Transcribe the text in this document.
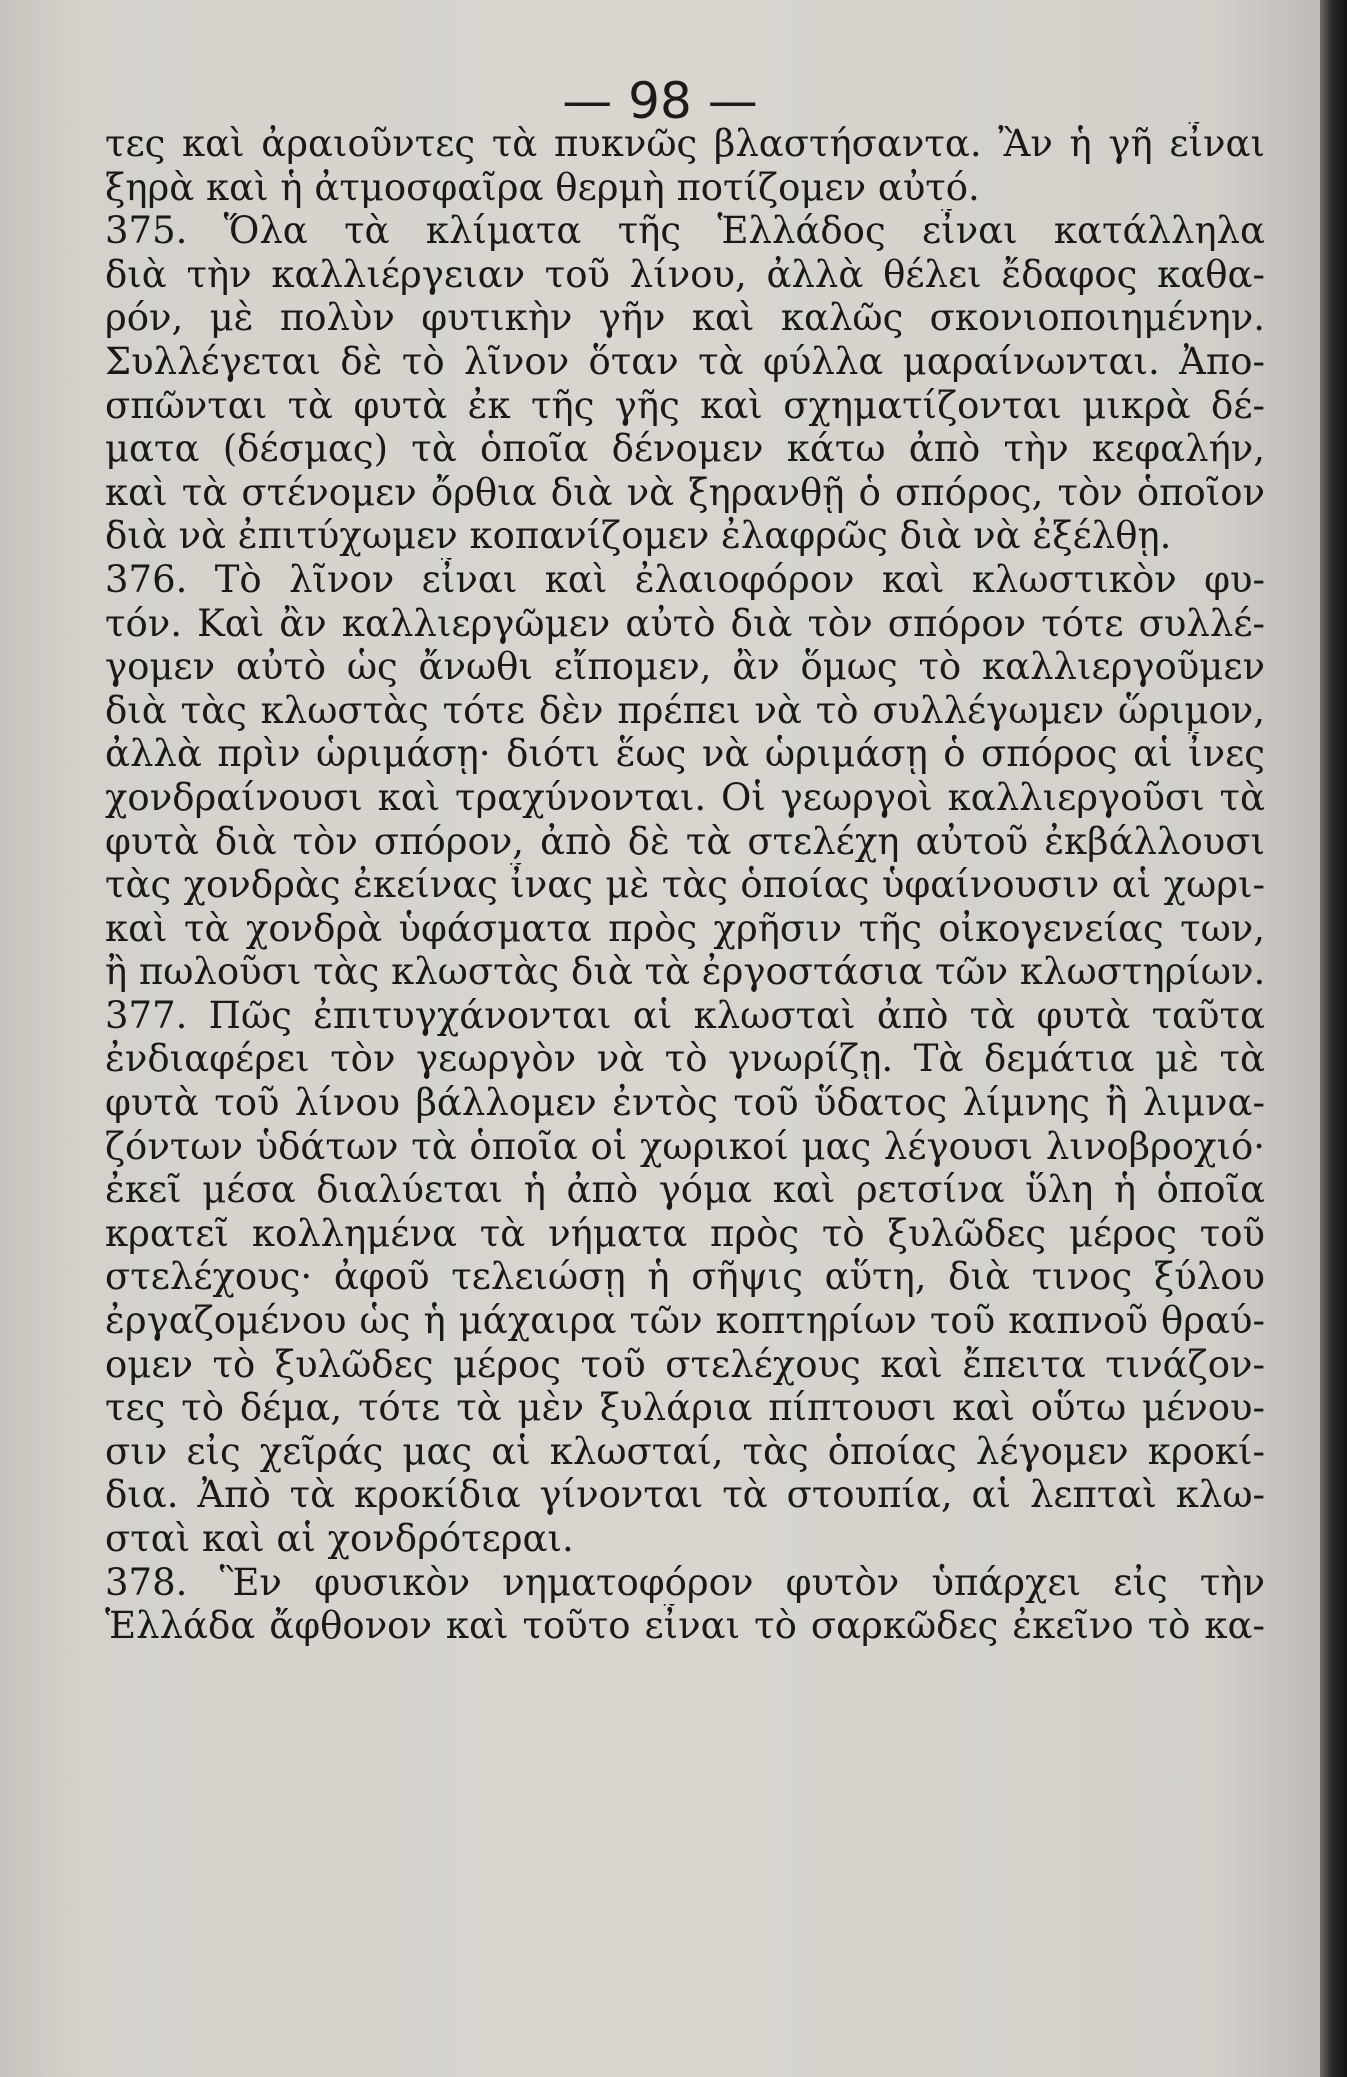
— 98 —
τες καὶ ἀραιοῦντες τὰ πυκνῶς βλαστήσαντα. Ἂν ἡ γῆ εἶναι
ξηρὰ καὶ ἡ ἀτμοσφαῖρα θερμὴ ποτίζομεν αὐτό.
375. Ὅλα τὰ κλίματα τῆς Ἑλλάδος εἶναι κατάλληλα
διὰ τὴν καλλιέργειαν τοῦ λίνου, ἀλλὰ θέλει ἔδαφος καθα-
ρόν, μὲ πολὺν φυτικὴν γῆν καὶ καλῶς σκονιοποιημένην.
Συλλέγεται δὲ τὸ λῖνον ὅταν τὰ φύλλα μαραίνωνται. Ἀπο-
σπῶνται τὰ φυτὰ ἐκ τῆς γῆς καὶ σχηματίζονται μικρὰ δέ-
ματα (δέσμας) τὰ ὁποῖα δένομεν κάτω ἀπὸ τὴν κεφαλήν,
καὶ τὰ στένομεν ὄρθια διὰ νὰ ξηρανθῇ ὁ σπόρος, τὸν ὁποῖον
διὰ νὰ ἐπιτύχωμεν κοπανίζομεν ἐλαφρῶς διὰ νὰ ἐξέλθῃ.
376. Τὸ λῖνον εἶναι καὶ ἐλαιοφόρον καὶ κλωστικὸν φυ-
τόν. Καὶ ἂν καλλιεργῶμεν αὐτὸ διὰ τὸν σπόρον τότε συλλέ-
γομεν αὐτὸ ὡς ἄνωθι εἴπομεν, ἂν ὅμως τὸ καλλιεργοῦμεν
διὰ τὰς κλωστὰς τότε δὲν πρέπει νὰ τὸ συλλέγωμεν ὥριμον,
ἀλλὰ πρὶν ὡριμάσῃ· διότι ἕως νὰ ὡριμάσῃ ὁ σπόρος αἱ ἶνες
χονδραίνουσι καὶ τραχύνονται. Οἱ γεωργοὶ καλλιεργοῦσι τὰ
φυτὰ διὰ τὸν σπόρον, ἀπὸ δὲ τὰ στελέχη αὐτοῦ ἐκβάλλουσι
τὰς χονδρὰς ἐκείνας ἶνας μὲ τὰς ὁποίας ὑφαίνουσιν αἱ χωρι-
καὶ τὰ χονδρὰ ὑφάσματα πρὸς χρῆσιν τῆς οἰκογενείας των,
ἢ πωλοῦσι τὰς κλωστὰς διὰ τὰ ἐργοστάσια τῶν κλωστηρίων.
377. Πῶς ἐπιτυγχάνονται αἱ κλωσταὶ ἀπὸ τὰ φυτὰ ταῦτα
ἐνδιαφέρει τὸν γεωργὸν νὰ τὸ γνωρίζῃ. Τὰ δεμάτια μὲ τὰ
φυτὰ τοῦ λίνου βάλλομεν ἐντὸς τοῦ ὕδατος λίμνης ἢ λιμνα-
ζόντων ὑδάτων τὰ ὁποῖα οἱ χωρικοί μας λέγουσι λινοβροχιό·
ἐκεῖ μέσα διαλύεται ἡ ἀπὸ γόμα καὶ ρετσίνα ὕλη ἡ ὁποῖα
κρατεῖ κολλημένα τὰ νήματα πρὸς τὸ ξυλῶδες μέρος τοῦ
στελέχους· ἀφοῦ τελειώσῃ ἡ σῆψις αὕτη, διὰ τινος ξύλου
ἐργαζομένου ὡς ἡ μάχαιρα τῶν κοπτηρίων τοῦ καπνοῦ θραύ-
ομεν τὸ ξυλῶδες μέρος τοῦ στελέχους καὶ ἔπειτα τινάζον-
τες τὸ δέμα, τότε τὰ μὲν ξυλάρια πίπτουσι καὶ οὕτω μένου-
σιν εἰς χεῖράς μας αἱ κλωσταί, τὰς ὁποίας λέγομεν κροκί-
δια. Ἀπὸ τὰ κροκίδια γίνονται τὰ στουπία, αἱ λεπταὶ κλω-
σταὶ καὶ αἱ χονδρότεραι.
378. Ἓν φυσικὸν νηματοφόρον φυτὸν ὑπάρχει εἰς τὴν
Ἑλλάδα ἄφθονον καὶ τοῦτο εἶναι τὸ σαρκῶδες ἐκεῖνο τὸ κα-
